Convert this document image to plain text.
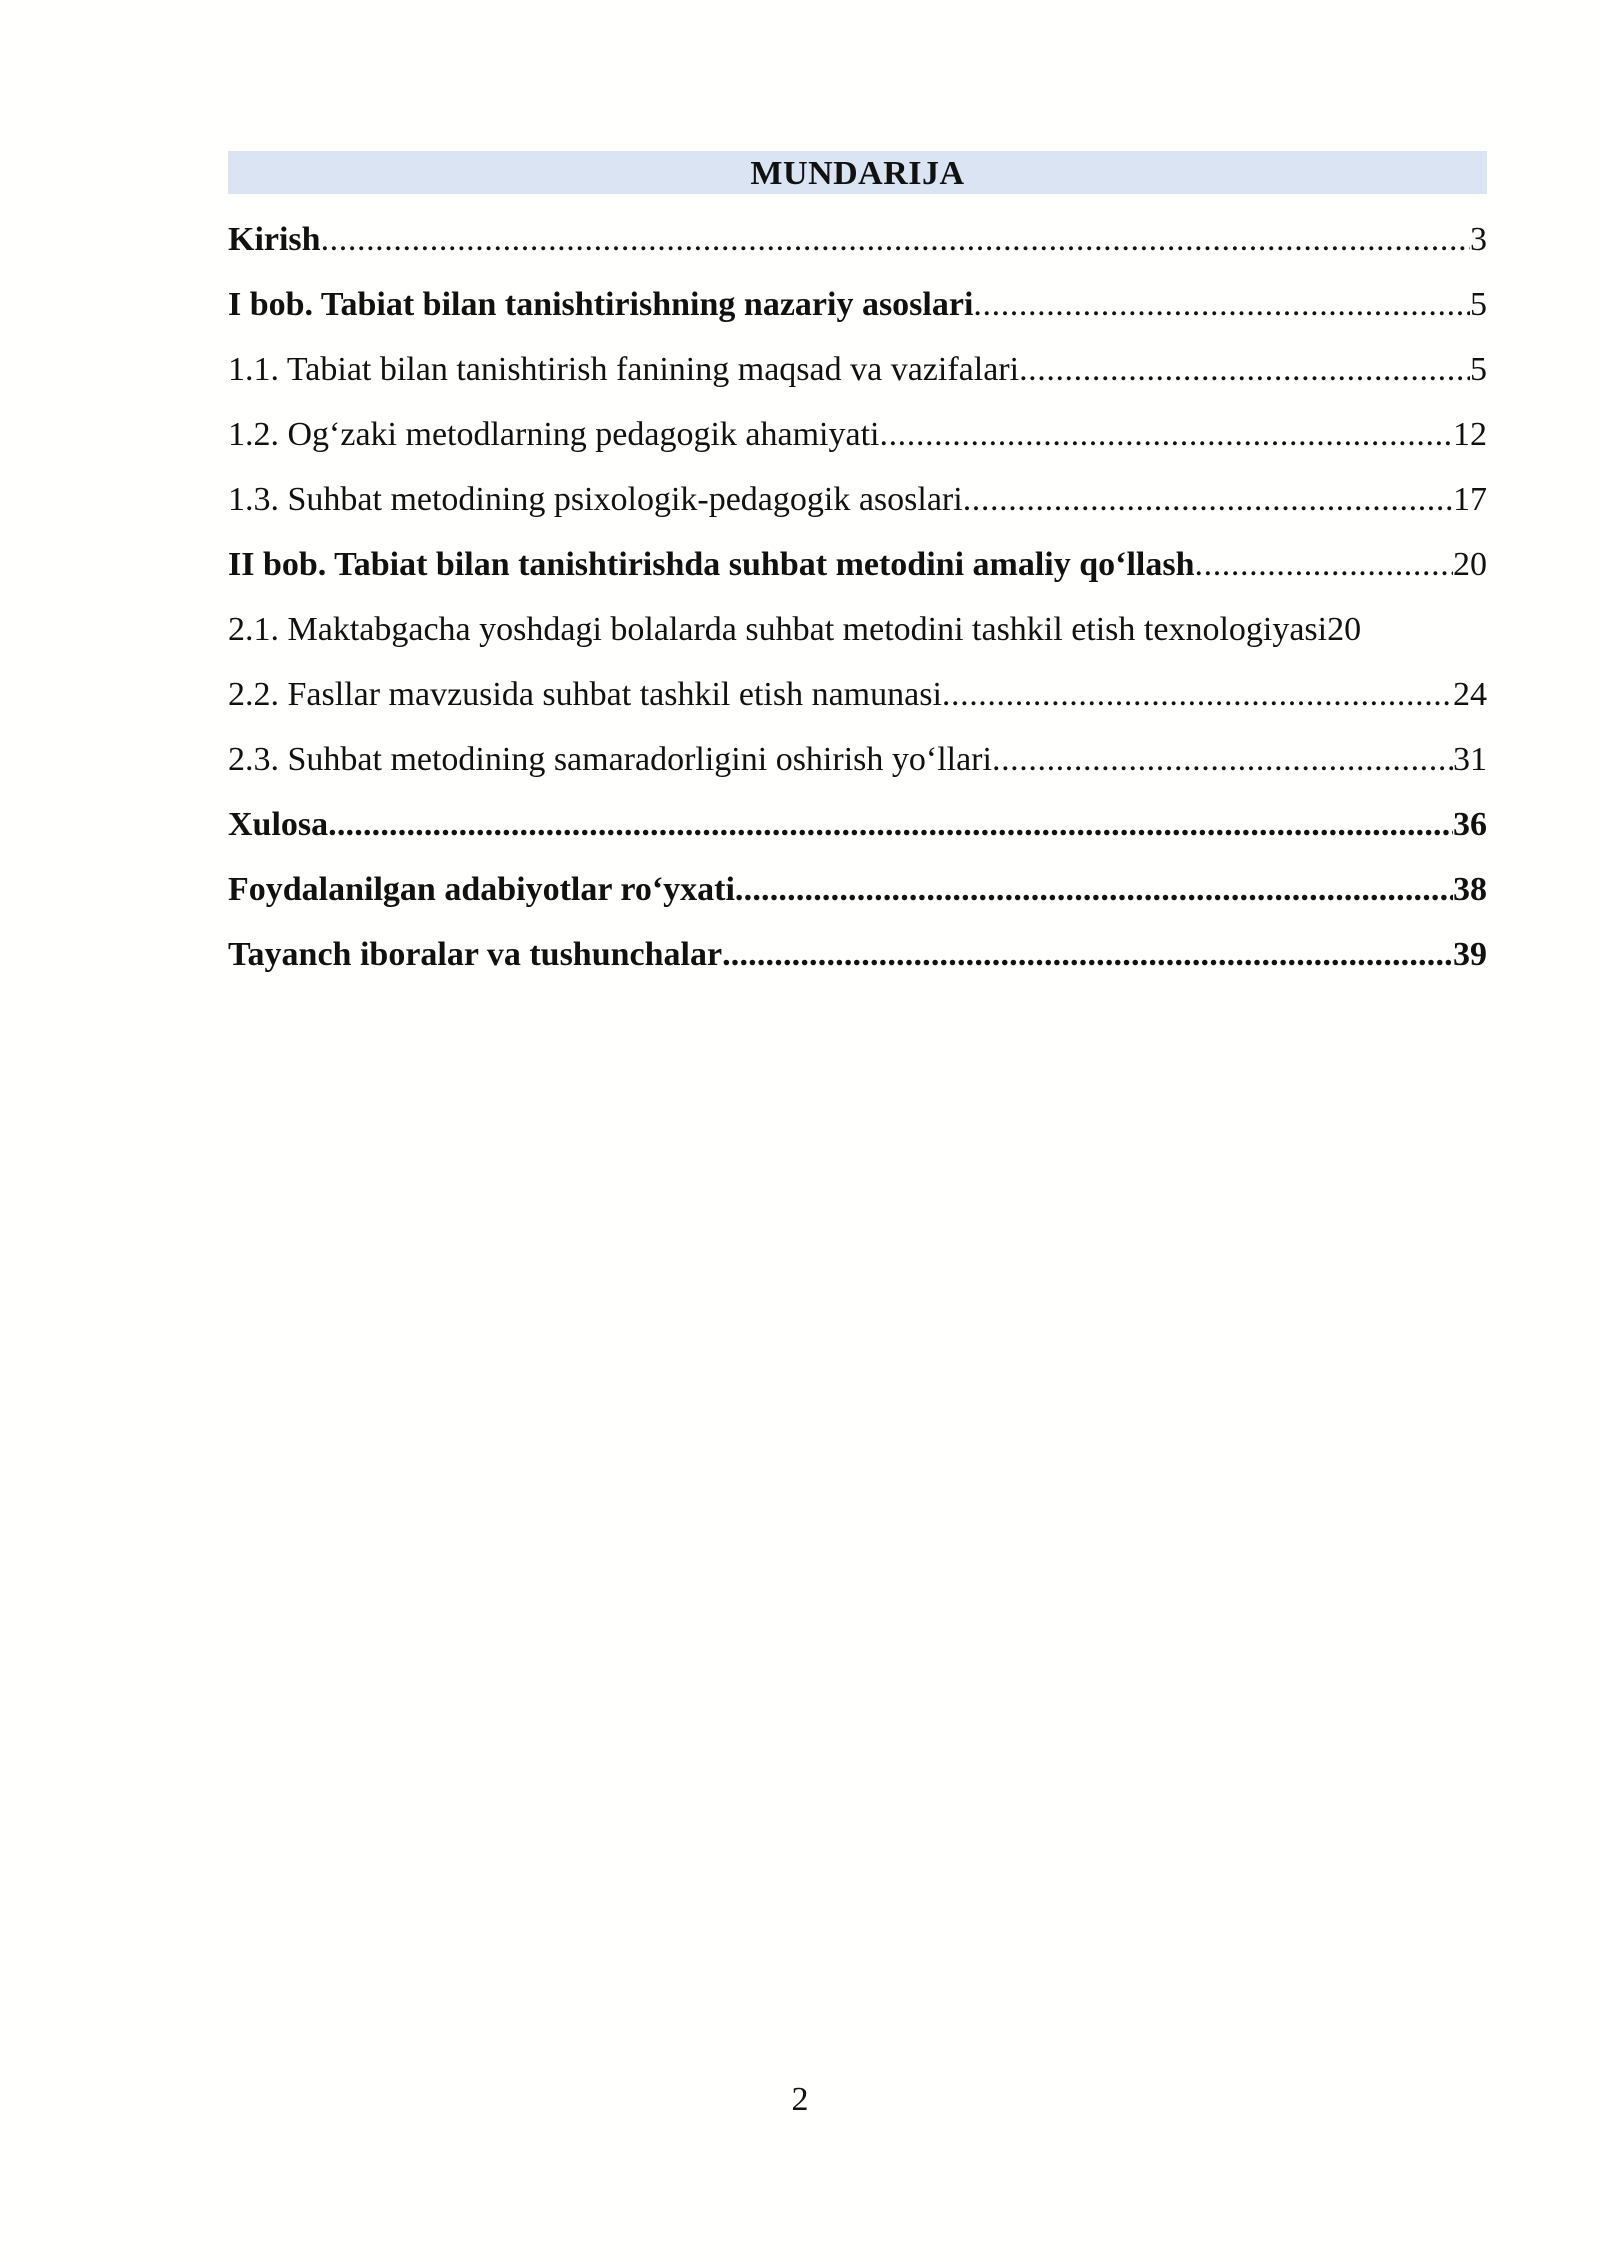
MUNDARIJA
Kirish .....	3
I bob. Tabiat bilan tanishtirishning nazariy asoslari .....	5
1.1. Tabiat bilan tanishtirish fanining maqsad va vazifalari .....	5
1.2. Og‘zaki metodlarning pedagogik ahamiyati .....	12
1.3. Suhbat metodining psixologik-pedagogik asoslari .....	17
II bob. Tabiat bilan tanishtirishda suhbat metodini amaliy qo‘llash .....	20
2.1. Maktabgacha yoshdagi bolalarda suhbat metodini tashkil etish texnologiyasi 20
2.2. Fasllar mavzusida suhbat tashkil etish namunasi .....	24
2.3. Suhbat metodining samaradorligini oshirish yo‘llari .....	31
Xulosa .....	36
Foydalanilgan adabiyotlar ro‘yxati .....	38
Tayanch iboralar va tushunchalar .....	39
2
